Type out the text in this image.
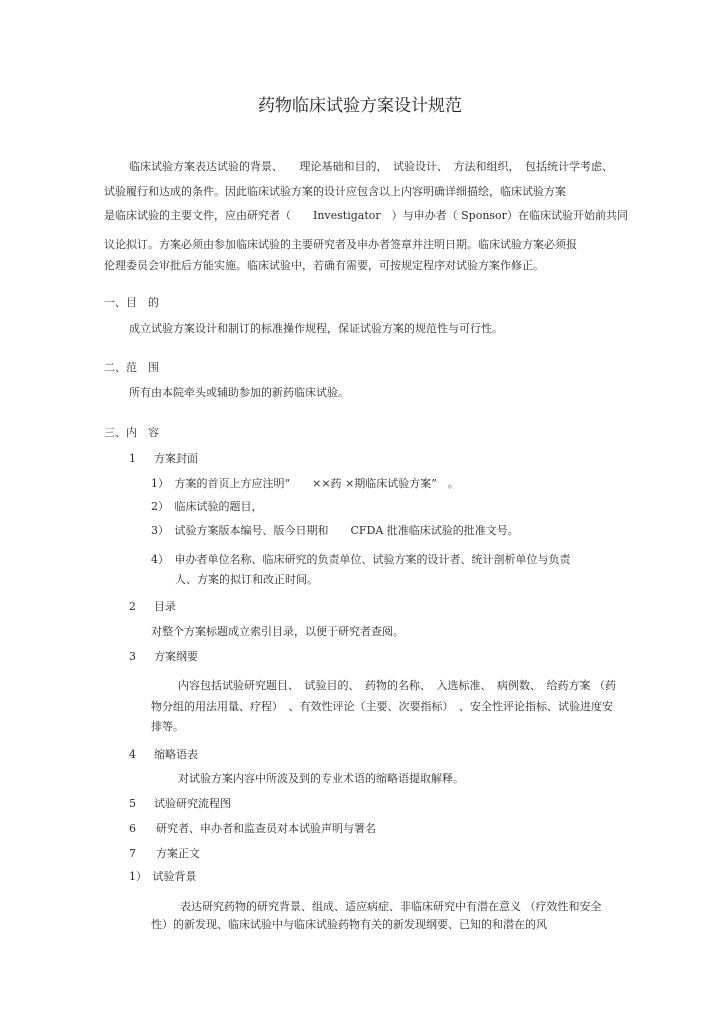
药物临床试验方案设计规范
临床试验方案表达试验的背景、　　理论基础和目的，　试验设计、　方法和组织，　包括统计学考虑、
试验履行和达成的条件。因此临床试验方案的设计应包含以上内容明确详细描绘，临床试验方案
是临床试验的主要文件，应由研究者（　　Investigator　）与申办者（ Sponsor）在临床试验开始前共同
议论拟订。方案必须由参加临床试验的主要研究者及申办者签章并注明日期。临床试验方案必须报
伦理委员会审批后方能实施。临床试验中，若确有需要，可按规定程序对试验方案作修正。
一、目　的
成立试验方案设计和制订的标准操作规程，保证试验方案的规范性与可行性。
二、范　围
所有由本院牵头或辅助参加的新药临床试验。
三、内　容
1 方案封面
1）　方案的首页上方应注明“　　××药 ×期临床试验方案”　。
2）　临床试验的题目，
3）　试验方案版本编号、版今日期和　　CFDA 批准临床试验的批准文号。
4）　申办者单位名称、临床研究的负责单位、试验方案的设计者、统计剖析单位与负责
人、方案的拟订和改正时间。
2 目录
对整个方案标题成立索引目录，以便于研究者查阅。
3 方案纲要
内容包括试验研究题目、　试验目的、　药物的名称、　入选标准、　病例数、　给药方案 （药
物分组的用法用量、疗程）　、有效性评论（主要、次要指标）　、安全性评论指标、试验进度安
排等。
4 缩略语表
对试验方案内容中所波及到的专业术语的缩略语提取解释。
5 试验研究流程图
6 研究者、申办者和监查员对本试验声明与署名
7 方案正文
1）　试验背景
表达研究药物的研究背景、组成、适应病症、非临床研究中有潜在意义 （疗效性和安全
性）的新发现、临床试验中与临床试验药物有关的新发现纲要、已知的和潜在的风
